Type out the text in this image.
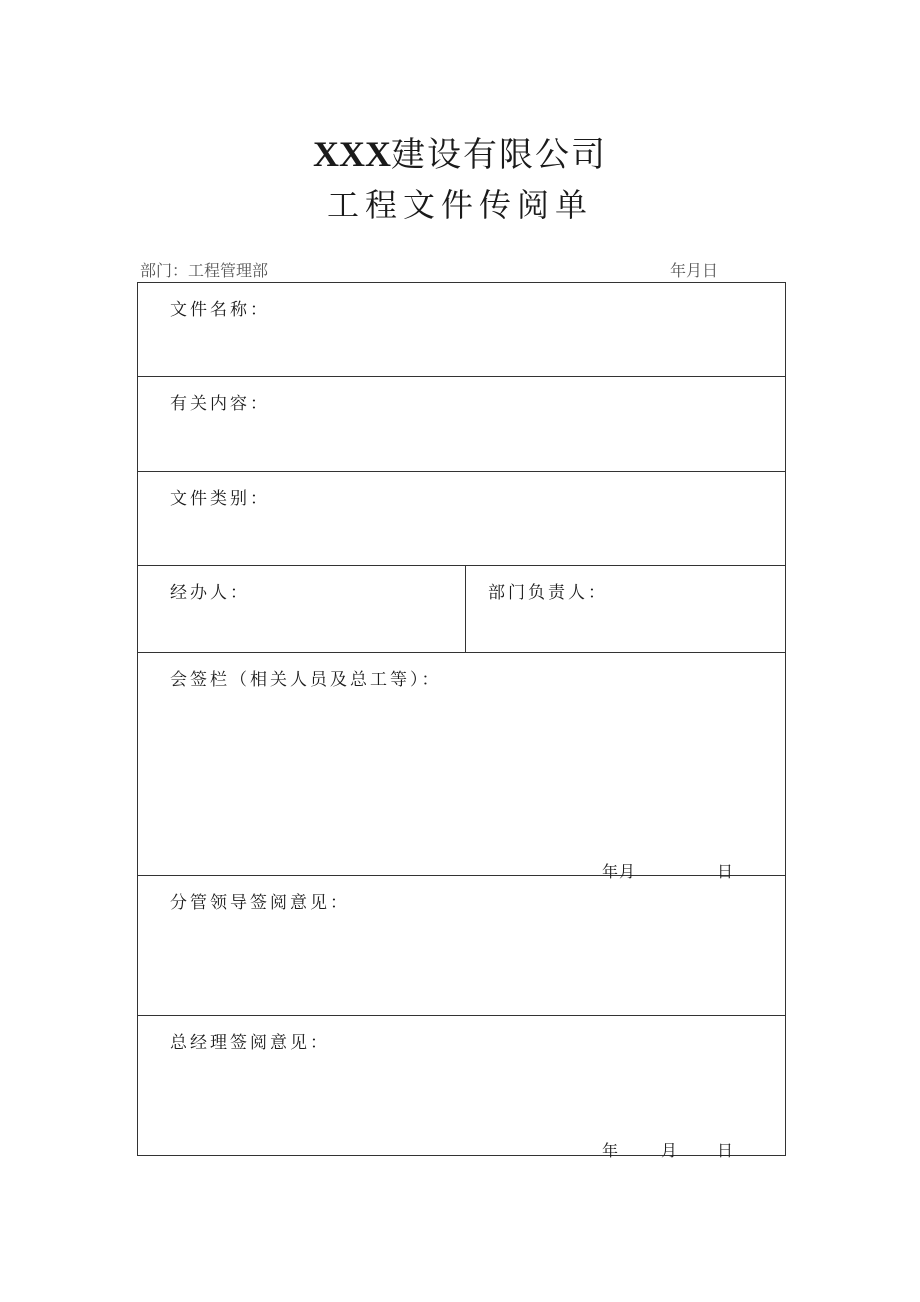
XXX建设有限公司
工程文件传阅单
部门：工程管理部	年月日
文件名称：
有关内容：
文件类别：
经办人：	部门负责人：
会签栏（相关人员及总工等）：
年 月	日
分管领导签阅意见：
总经理签阅意见：
年	月 日
